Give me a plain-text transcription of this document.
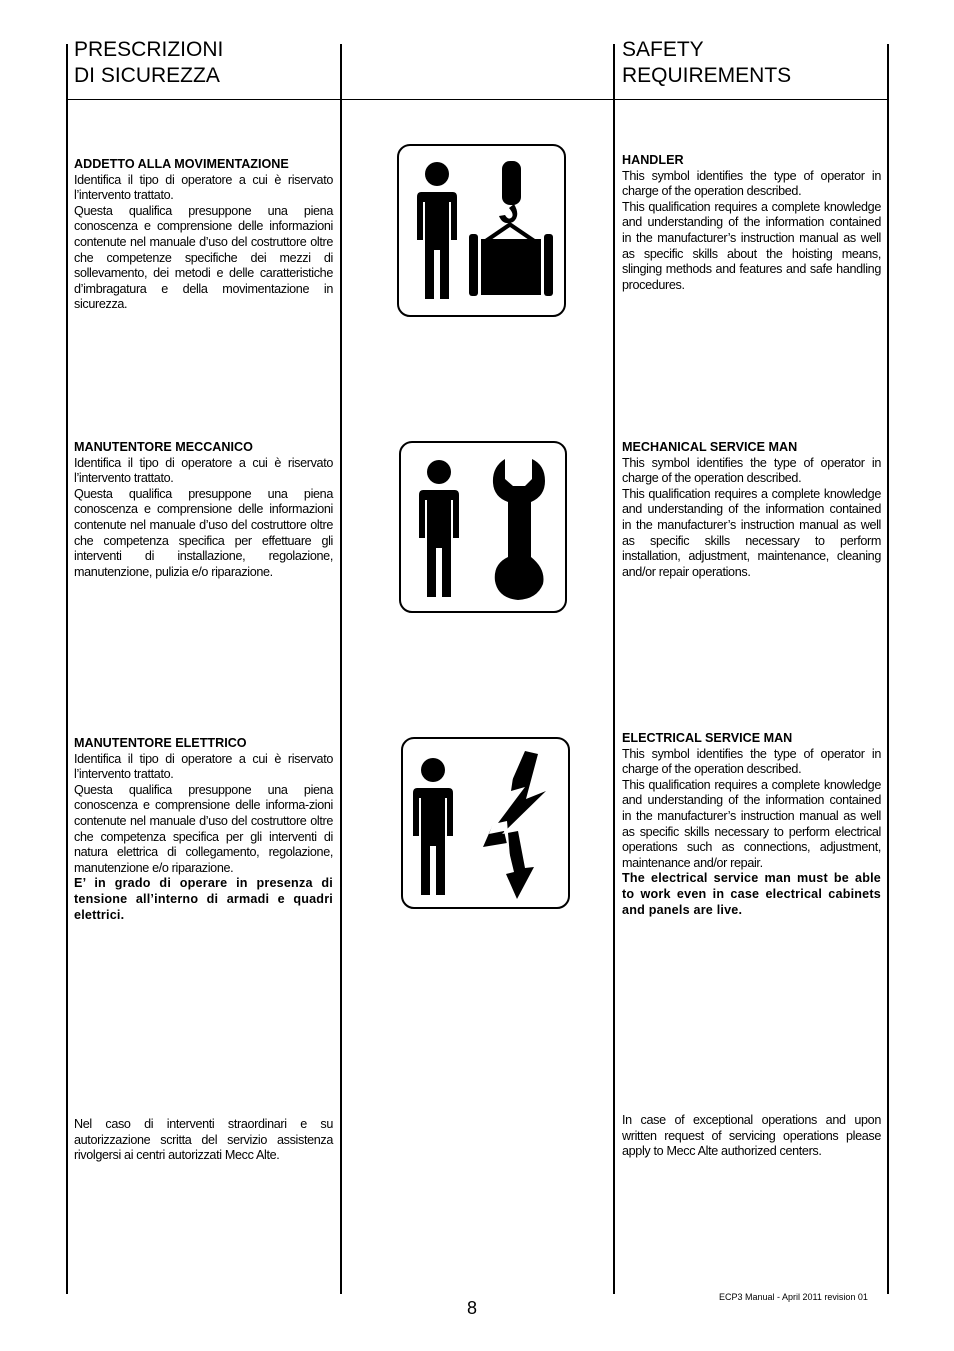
PRESCRIZIONI
DI SICUREZZA
SAFETY
REQUIREMENTS

ADDETTO ALLA MOVIMENTAZIONE

Identifica il tipo di operatore a cui è riservato l’intervento trattato.
Questa qualifica presuppone una piena conoscenza e comprensione delle informazioni contenute nel manuale d’uso del costruttore oltre che competenze specifiche dei mezzi di sollevamento, dei metodi e delle caratteristiche d’imbragatura e della movimentazione in sicurezza.

HANDLER

This symbol identifies the type of operator in charge of the operation described.
This qualification requires a complete knowledge and understanding of the information contained in the manufacturer’s instruction manual as well as specific skills about the hoisting means, slinging methods and features and safe handling procedures.

MANUTENTORE MECCANICO

Identifica il tipo di operatore a cui è riservato l’intervento trattato.
Questa qualifica presuppone una piena conoscenza e comprensione delle informazioni contenute nel manuale d’uso del costruttore oltre che competenza specifica per effettuare gli interventi di installazione, regolazione, manutenzione, pulizia e/o riparazione.

MECHANICAL SERVICE MAN

This symbol identifies the type of operator in charge of the operation described.
This qualification requires a complete knowledge and understanding of the information contained in the manufacturer’s instruction manual as well as specific skills necessary to perform installation, adjustment, maintenance, cleaning and/or repair operations.

MANUTENTORE ELETTRICO

Identifica il tipo di operatore a cui è riservato l’intervento trattato.
Questa qualifica presuppone una piena conoscenza e comprensione delle informa-zioni contenute nel manuale d’uso del costruttore oltre che competenza specifica per gli interventi di natura elettrica di collegamento, regolazione, manutenzione e/o riparazione.

E’ in grado di operare in presenza di tensione all’interno di armadi e quadri elettrici.

ELECTRICAL SERVICE MAN

This symbol identifies the type of operator in charge of the operation described.
This qualification requires a complete knowledge and understanding of the information contained in the manufacturer’s instruction manual as well as specific skills necessary to perform electrical operations such as connections, adjustment, maintenance and/or repair.

The electrical service man must be able to work even in case electrical cabinets and panels are live.

Nel caso di interventi straordinari e su autorizzazione scritta del servizio assistenza rivolgersi ai centri autorizzati Mecc Alte.

In case of exceptional operations and upon written request of servicing operations please apply to Mecc Alte authorized centers.

8
ECP3 Manual - April 2011 revision 01
